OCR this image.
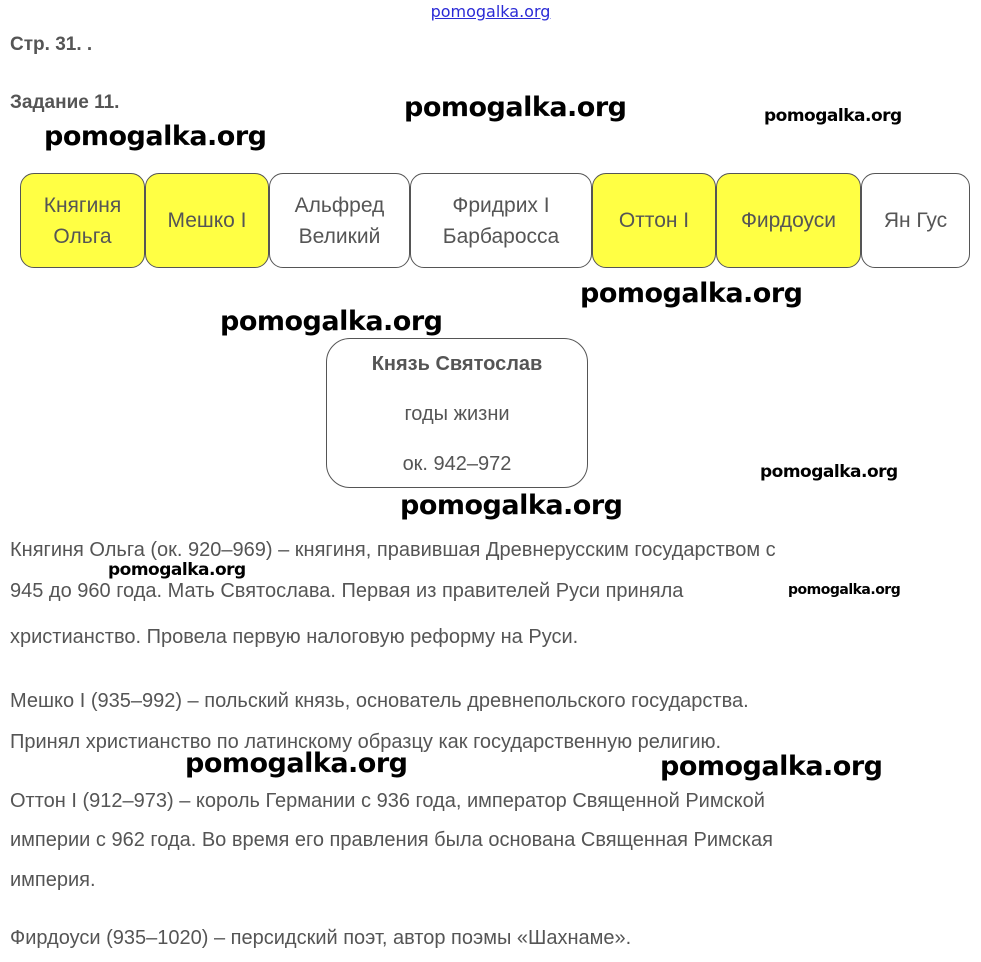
pomogalka.org
Стр. 31. .
Задание 11.
Княгиня
Ольга
Мешко I
Альфред
Великий
Фридрих I
Барбаросса
Оттон I	Фирдоуси	Ян Гус
Князь Святослав
годы жизни
ок. 942–972
Княгиня Ольга (ок. 920–969) – княгиня, правившая Древнерусским государством с
945 до 960 года. Мать Святослава. Первая из правителей Руси приняла
христианство. Провела первую налоговую реформу на Руси.
Мешко I (935–992) – польский князь, основатель древнепольского государства.
Принял христианство по латинскому образцу как государственную религию.
Оттон I (912–973) – король Германии с 936 года, император Священной Римской
империи с 962 года. Во время его правления была основана Священная Римская
империя.
Фирдоуси (935–1020) – персидский поэт, автор поэмы «Шахнаме».
pomogalka.org	pomogalka.org
pomogalka.org
pomogalka.org
pomogalka.org
pomogalka.org
pomogalka.org
pomogalka.org
pomogalka.org
pomogalka.org	pomogalka.org
